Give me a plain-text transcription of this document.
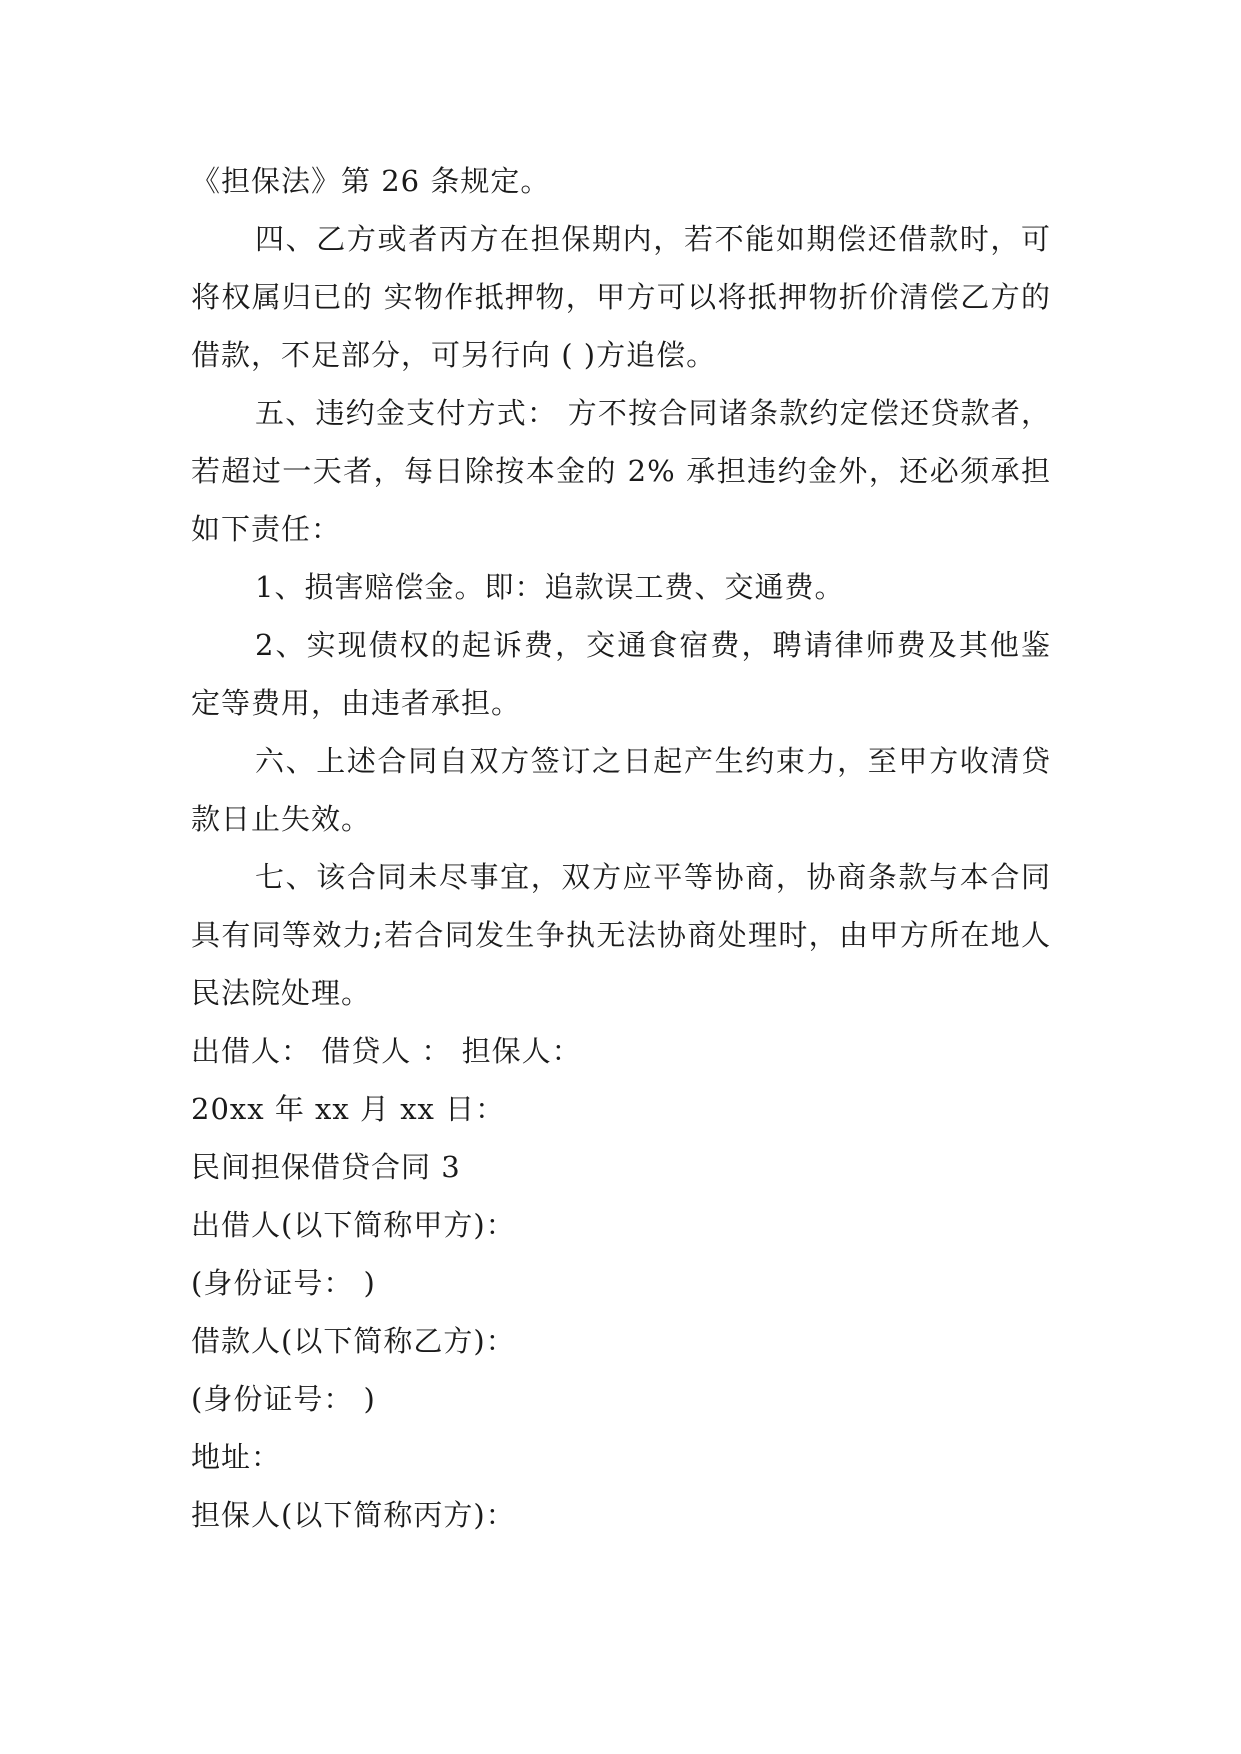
《担保法》第 26 条规定。

四、乙方或者丙方在担保期内，若不能如期偿还借款时，可将权属归已的 实物作抵押物，甲方可以将抵押物折价清偿乙方的借款，不足部分，可另行向 ( )方追偿。

五、违约金支付方式： 方不按合同诸条款约定偿还贷款者，若超过一天者，每日除按本金的 2% 承担违约金外，还必须承担如下责任：

1、损害赔偿金。即：追款误工费、交通费。

2、实现债权的起诉费，交通食宿费，聘请律师费及其他鉴定等费用，由违者承担。

六、上述合同自双方签订之日起产生约束力，至甲方收清贷款日止失效。

七、该合同未尽事宜，双方应平等协商，协商条款与本合同具有同等效力;若合同发生争执无法协商处理时，由甲方所在地人民法院处理。

出借人： 借贷人 ： 担保人：

20xx 年 xx 月 xx 日：

民间担保借贷合同 3

出借人(以下简称甲方)：

(身份证号： )

借款人(以下简称乙方)：

(身份证号： )

地址：

担保人(以下简称丙方)：
